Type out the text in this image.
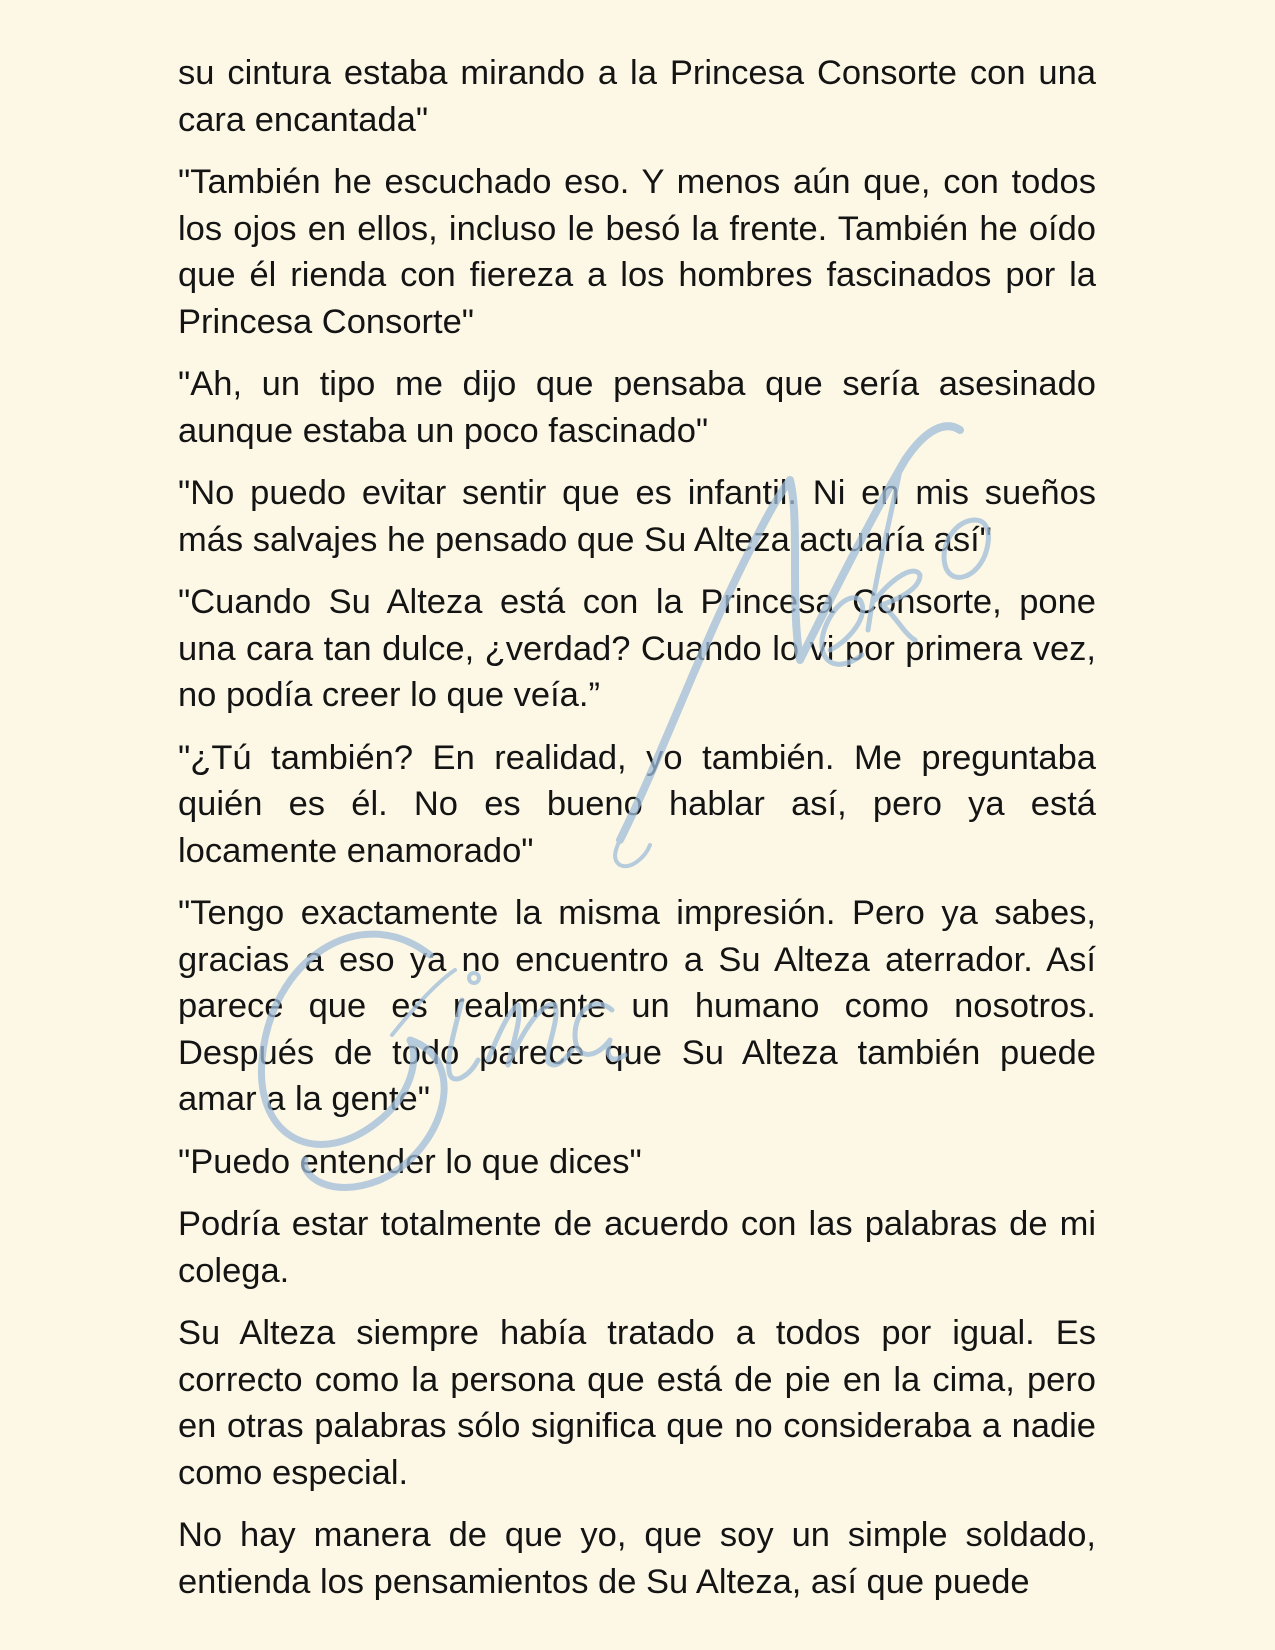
su cintura estaba mirando a la Princesa Consorte con una cara encantada"

"También he escuchado eso. Y menos aún que, con todos los ojos en ellos, incluso le besó la frente. También he oído que él rienda con fiereza a los hombres fascinados por la Princesa Consorte"

"Ah, un tipo me dijo que pensaba que sería asesinado aunque estaba un poco fascinado"

"No puedo evitar sentir que es infantil. Ni en mis sueños más salvajes he pensado que Su Alteza actuaría así"

"Cuando Su Alteza está con la Princesa Consorte, pone una cara tan dulce, ¿verdad? Cuando lo vi por primera vez, no podía creer lo que veía.”

"¿Tú también? En realidad, yo también. Me preguntaba quién es él. No es bueno hablar así, pero ya está locamente enamorado"

"Tengo exactamente la misma impresión. Pero ya sabes, gracias a eso ya no encuentro a Su Alteza aterrador. Así parece que es realmente un humano como nosotros. Después de todo parece que Su Alteza también puede amar a la gente"

"Puedo entender lo que dices"

Podría estar totalmente de acuerdo con las palabras de mi colega.

Su Alteza siempre había tratado a todos por igual. Es correcto como la persona que está de pie en la cima, pero en otras palabras sólo significa que no consideraba a nadie como especial.

No hay manera de que yo, que soy un simple soldado, entienda los pensamientos de Su Alteza, así que puede
